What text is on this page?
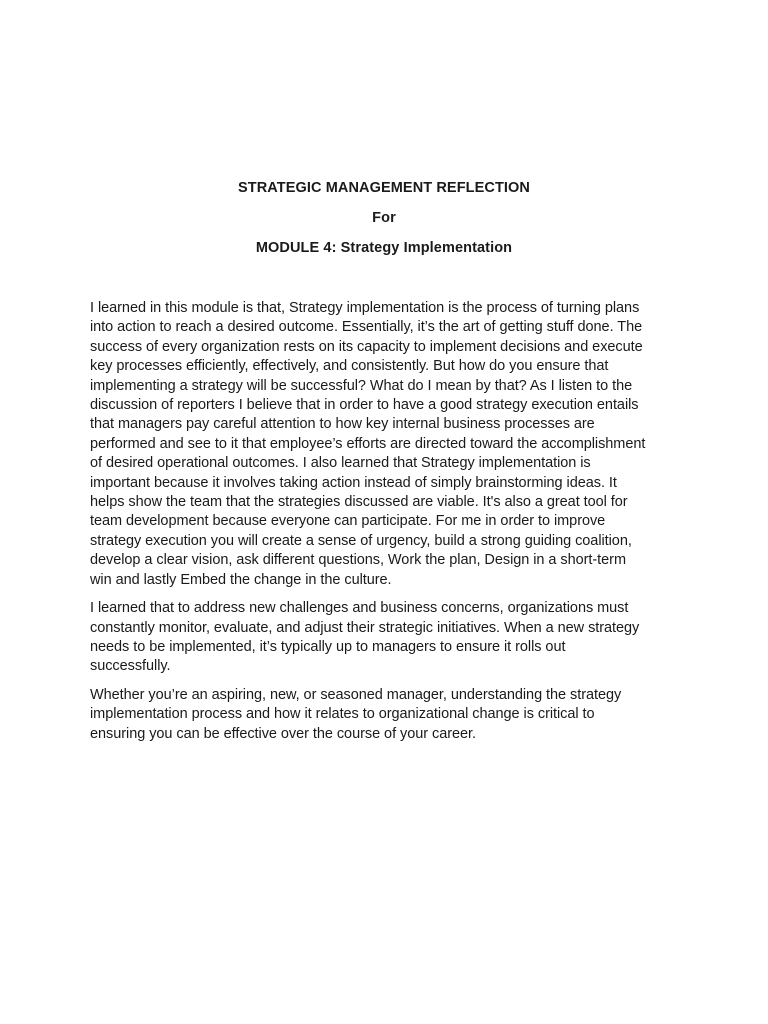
STRATEGIC MANAGEMENT REFLECTION
For
MODULE 4: Strategy Implementation
I learned in this module is that, Strategy implementation is the process of turning plans
into action to reach a desired outcome. Essentially, it’s the art of getting stuff done. The
success of every organization rests on its capacity to implement decisions and execute
key processes efficiently, effectively, and consistently. But how do you ensure that
implementing a strategy will be successful? What do I mean by that? As I listen to the
discussion of reporters I believe that in order to have a good strategy execution entails
that managers pay careful attention to how key internal business processes are
performed and see to it that employee’s efforts are directed toward the accomplishment
of desired operational outcomes. I also learned that Strategy implementation is
important because it involves taking action instead of simply brainstorming ideas. It
helps show the team that the strategies discussed are viable. It's also a great tool for
team development because everyone can participate. For me in order to improve
strategy execution you will create a sense of urgency, build a strong guiding coalition,
develop a clear vision, ask different questions, Work the plan, Design in a short-term
win and lastly Embed the change in the culture.
I learned that to address new challenges and business concerns, organizations must
constantly monitor, evaluate, and adjust their strategic initiatives. When a new strategy
needs to be implemented, it’s typically up to managers to ensure it rolls out
successfully.
Whether you’re an aspiring, new, or seasoned manager, understanding the strategy
implementation process and how it relates to organizational change is critical to
ensuring you can be effective over the course of your career.
